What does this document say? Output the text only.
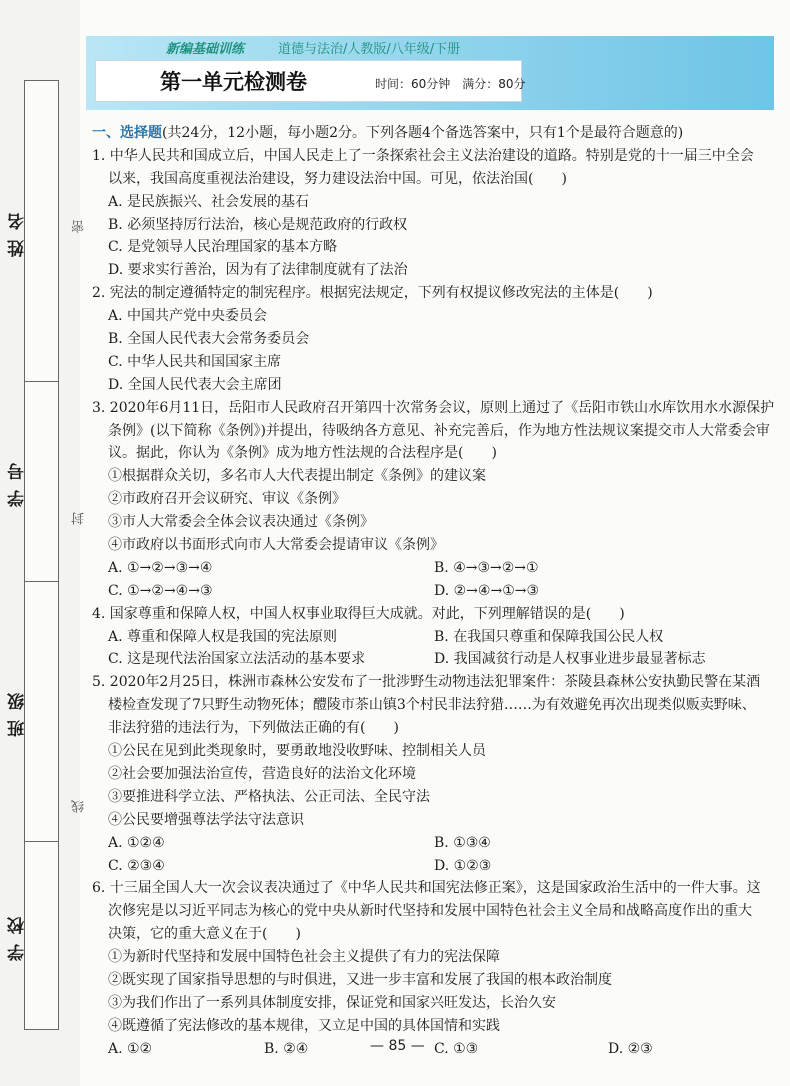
姓名
学号
班级
学校
密
封
线
新编基础训练	道德与法治/人教版/八年级/下册
第一单元检测卷	时间：60分钟　满分：80分
一、选择题(共24分，12小题，每小题2分。下列各题4个备选答案中，只有1个是最符合题意的)
1. 中华人民共和国成立后，中国人民走上了一条探索社会主义法治建设的道路。特别是党的十一届三中全会
以来，我国高度重视法治建设，努力建设法治中国。可见，依法治国(　　)
A. 是民族振兴、社会发展的基石
B. 必须坚持厉行法治，核心是规范政府的行政权
C. 是党领导人民治理国家的基本方略
D. 要求实行善治，因为有了法律制度就有了法治
2. 宪法的制定遵循特定的制宪程序。根据宪法规定，下列有权提议修改宪法的主体是(　　)
A. 中国共产党中央委员会
B. 全国人民代表大会常务委员会
C. 中华人民共和国国家主席
D. 全国人民代表大会主席团
3. 2020年6月11日，岳阳市人民政府召开第四十次常务会议，原则上通过了《岳阳市铁山水库饮用水水源保护
条例》(以下简称《条例》)并提出，待吸纳各方意见、补充完善后，作为地方性法规议案提交市人大常委会审
议。据此，你认为《条例》成为地方性法规的合法程序是(　　)
①根据群众关切，多名市人大代表提出制定《条例》的建议案
②市政府召开会议研究、审议《条例》
③市人大常委会全体会议表决通过《条例》
④市政府以书面形式向市人大常委会提请审议《条例》
A. ①→②→③→④	B. ④→③→②→①
C. ①→②→④→③	D. ②→④→①→③
4. 国家尊重和保障人权，中国人权事业取得巨大成就。对此，下列理解错误的是(　　)
A. 尊重和保障人权是我国的宪法原则	B. 在我国只尊重和保障我国公民人权
C. 这是现代法治国家立法活动的基本要求	D. 我国减贫行动是人权事业进步最显著标志
5. 2020年2月25日，株洲市森林公安发布了一批涉野生动物违法犯罪案件：茶陵县森林公安执勤民警在某酒
楼检查发现了7只野生动物死体；醴陵市茶山镇3个村民非法狩猎……为有效避免再次出现类似贩卖野味、
非法狩猎的违法行为，下列做法正确的有(　　)
①公民在见到此类现象时，要勇敢地没收野味、控制相关人员
②社会要加强法治宣传，营造良好的法治文化环境
③要推进科学立法、严格执法、公正司法、全民守法
④公民要增强尊法学法守法意识
A. ①②④	B. ①③④
C. ②③④	D. ①②③
6. 十三届全国人大一次会议表决通过了《中华人民共和国宪法修正案》，这是国家政治生活中的一件大事。这
次修宪是以习近平同志为核心的党中央从新时代坚持和发展中国特色社会主义全局和战略高度作出的重大
决策，它的重大意义在于(　　)
①为新时代坚持和发展中国特色社会主义提供了有力的宪法保障
②既实现了国家指导思想的与时俱进，又进一步丰富和发展了我国的根本政治制度
③为我们作出了一系列具体制度安排，保证党和国家兴旺发达，长治久安
④既遵循了宪法修改的基本规律，又立足中国的具体国情和实践
A. ①②	B. ②④	C. ①③	D. ②③
— 85 —
